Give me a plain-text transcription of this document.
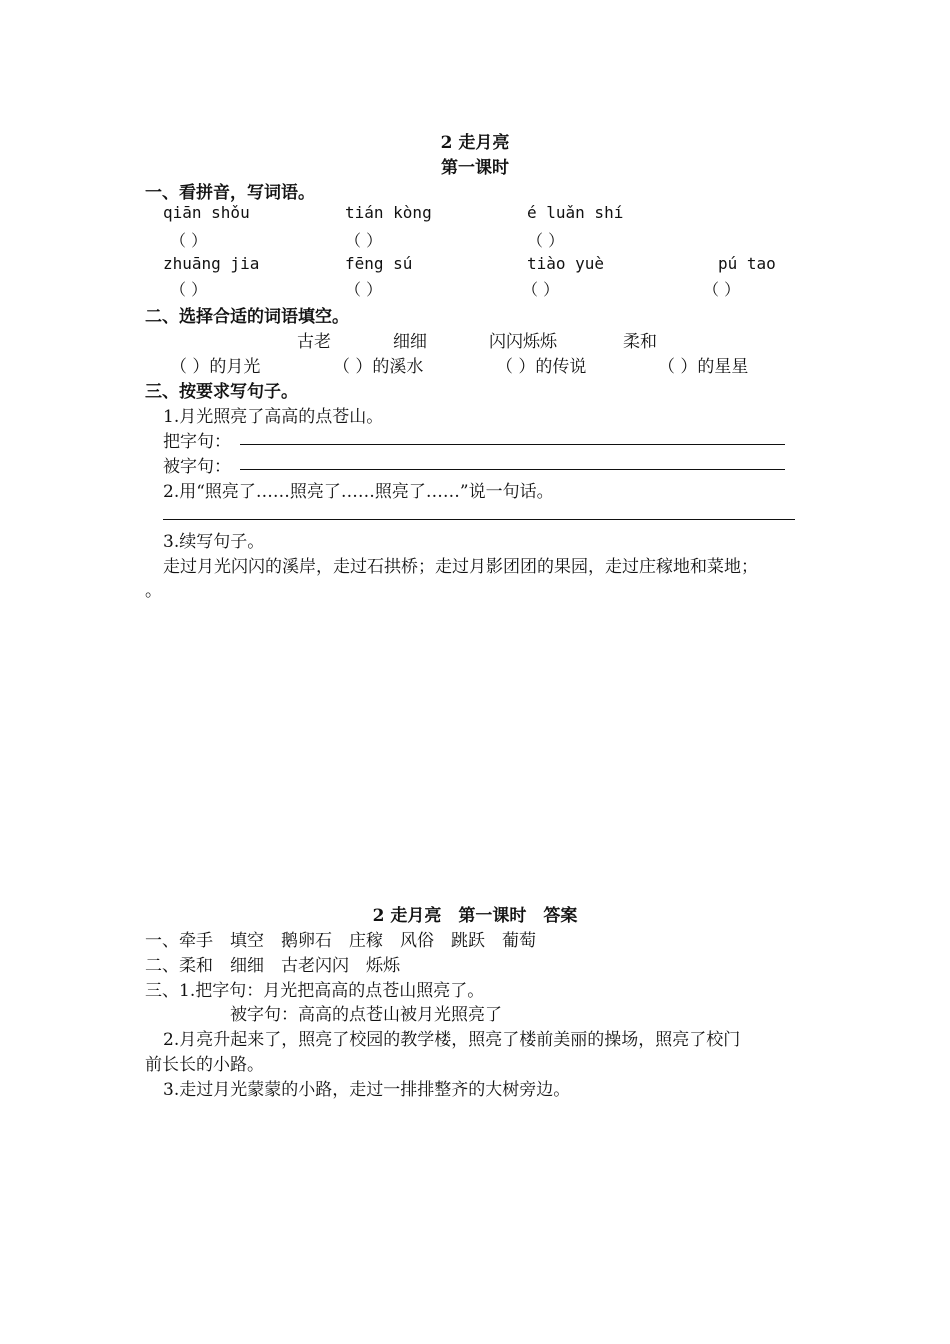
2 走月亮
第一课时
一、看拼音，写词语。
qiān shǒu	tián kòng	é luǎn shí
（ ）	（ ）	（ ）
zhuāng jia	fēng sú	tiào yuè	pú tao
（ ）	（ ）	（ ）	（ ）
二、选择合适的词语填空。
古老	细细	闪闪烁烁	柔和
（ ）的月光	（ ）的溪水	（ ）的传说	（ ）的星星
三、按要求写句子。
1.月光照亮了高高的点苍山。
把字句：
被字句：
2.用“照亮了……照亮了……照亮了……”说一句话。
3.续写句子。
走过月光闪闪的溪岸，走过石拱桥；走过月影团团的果园，走过庄稼地和菜地；
。
2 走月亮　第一课时　答案
一、牵手　填空　鹅卵石　庄稼　风俗　跳跃　葡萄
二、柔和　细细　古老闪闪　烁烁
三、1.把字句：月光把高高的点苍山照亮了。
被字句：高高的点苍山被月光照亮了
2.月亮升起来了，照亮了校园的教学楼，照亮了楼前美丽的操场，照亮了校门
前长长的小路。
3.走过月光蒙蒙的小路，走过一排排整齐的大树旁边。
